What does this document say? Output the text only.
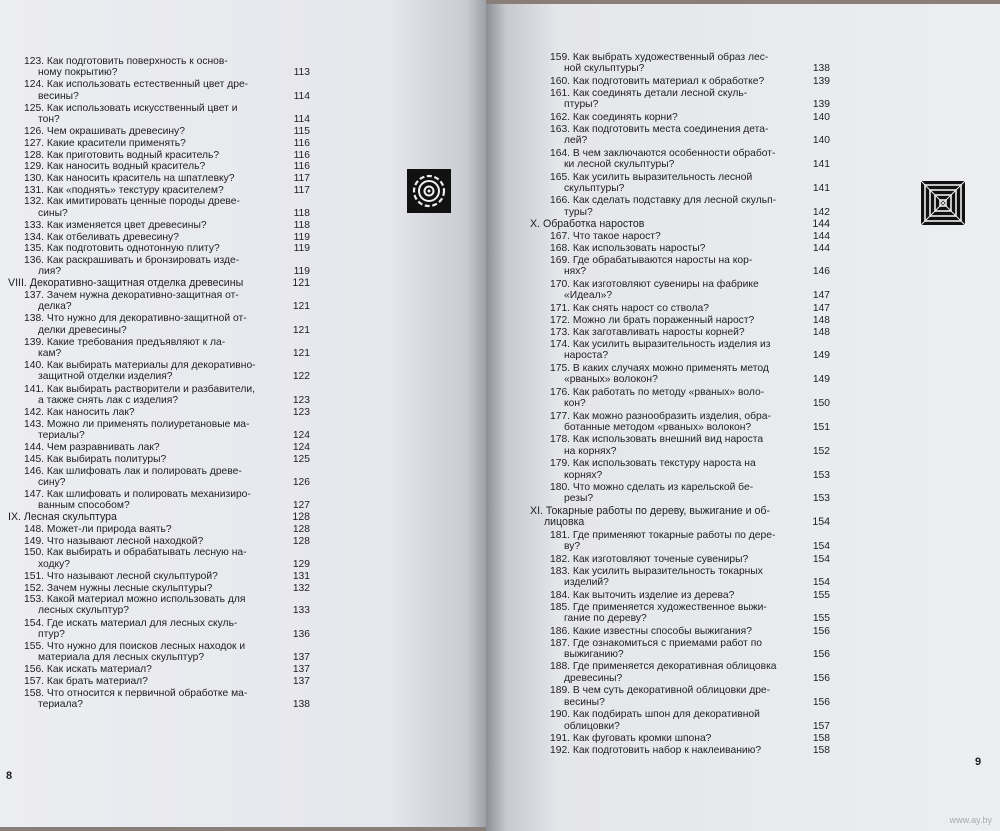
123. Как подготовить поверхность к основ-
ному покрытию?	113
124. Как использовать естественный цвет дре-
весины?	114
125. Как использовать искусственный цвет и
тон?	114
126. Чем окрашивать древесину?	115
127. Какие красители применять?	116
128. Как приготовить водный краситель?	116
129. Как наносить водный краситель?	116
130. Как наносить краситель на шпатлевку?	117
131. Как «поднять» текстуру красителем?	117
132. Как имитировать ценные породы древе-
сины?	118
133. Как изменяется цвет древесины?	118
134. Как отбеливать древесину?	119
135. Как подготовить однотонную плиту?	119
136. Как раскрашивать и бронзировать изде-
лия?	119
VIII. Декоративно-защитная отделка древесины	121
137. Зачем нужна декоративно-защитная от-
делка?	121
138. Что нужно для декоративно-защитной от-
делки древесины?	121
139. Какие требования предъявляют к ла-
кам?	121
140. Как выбирать материалы для декоративно-
защитной отделки изделия?	122
141. Как выбирать растворители и разбавители,
а также снять лак с изделия?	123
142. Как наносить лак?	123
143. Можно ли применять полиуретановые ма-
териалы?	124
144. Чем разравнивать лак?	124
145. Как выбирать политуры?	125
146. Как шлифовать лак и полировать древе-
сину?	126
147. Как шлифовать и полировать механизиро-
ванным способом?	127
IX. Лесная скульптура	128
148. Может-ли природа ваять?	128
149. Что называют лесной находкой?	128
150. Как выбирать и обрабатывать лесную на-
ходку?	129
151. Что называют лесной скульптурой?	131
152. Зачем нужны лесные скульптуры?	132
153. Какой материал можно использовать для
лесных скульптур?	133
154. Где искать материал для лесных скуль-
птур?	136
155. Что нужно для поисков лесных находок и
материала для лесных скульптур?	137
156. Как искать материал?	137
157. Как брать материал?	137
158. Что относится к первичной обработке ма-
териала?	138
8
159. Как выбрать художественный образ лес-
ной скульптуры?	138
160. Как подготовить материал к обработке?	139
161. Как соединять детали лесной скуль-
птуры?	139
162. Как соединять корни?	140
163. Как подготовить места соединения дета-
лей?	140
164. В чем заключаются особенности обработ-
ки лесной скульптуры?	141
165. Как усилить выразительность лесной
скульптуры?	141
166. Как сделать подставку для лесной скульп-
туры?	142
X. Обработка наростов	144
167. Что такое нарост?	144
168. Как использовать наросты?	144
169. Где обрабатываются наросты на кор-
нях?	146
170. Как изготовляют сувениры на фабрике
«Идеал»?	147
171. Как снять нарост со ствола?	147
172. Можно ли брать пораженный нарост?	148
173. Как заготавливать наросты корней?	148
174. Как усилить выразительность изделия из
нароста?	149
175. В каких случаях можно применять метод
«рваных» волокон?	149
176. Как работать по методу «рваных» воло-
кон?	150
177. Как можно разнообразить изделия, обра-
ботанные методом «рваных» волокон?	151
178. Как использовать внешний вид нароста
на корнях?	152
179. Как использовать текстуру нароста на
корнях?	153
180. Что можно сделать из карельской бе-
резы?	153
XI. Токарные работы по дереву, выжигание и об-
лицовка	154
181. Где применяют токарные работы по дере-
ву?	154
182. Как изготовляют точеные сувениры?	154
183. Как усилить выразительность токарных
изделий?	154
184. Как выточить изделие из дерева?	155
185. Где применяется художественное выжи-
гание по дереву?	155
186. Какие известны способы выжигания?	156
187. Где ознакомиться с приемами работ по
выжиганию?	156
188. Где применяется декоративная облицовка
древесины?	156
189. В чем суть декоративной облицовки дре-
весины?	156
190. Как подбирать шпон для декоративной
облицовки?	157
191. Как фуговать кромки шпона?	158
192. Как подготовить набор к наклеиванию?	158
9
www.ay.by
